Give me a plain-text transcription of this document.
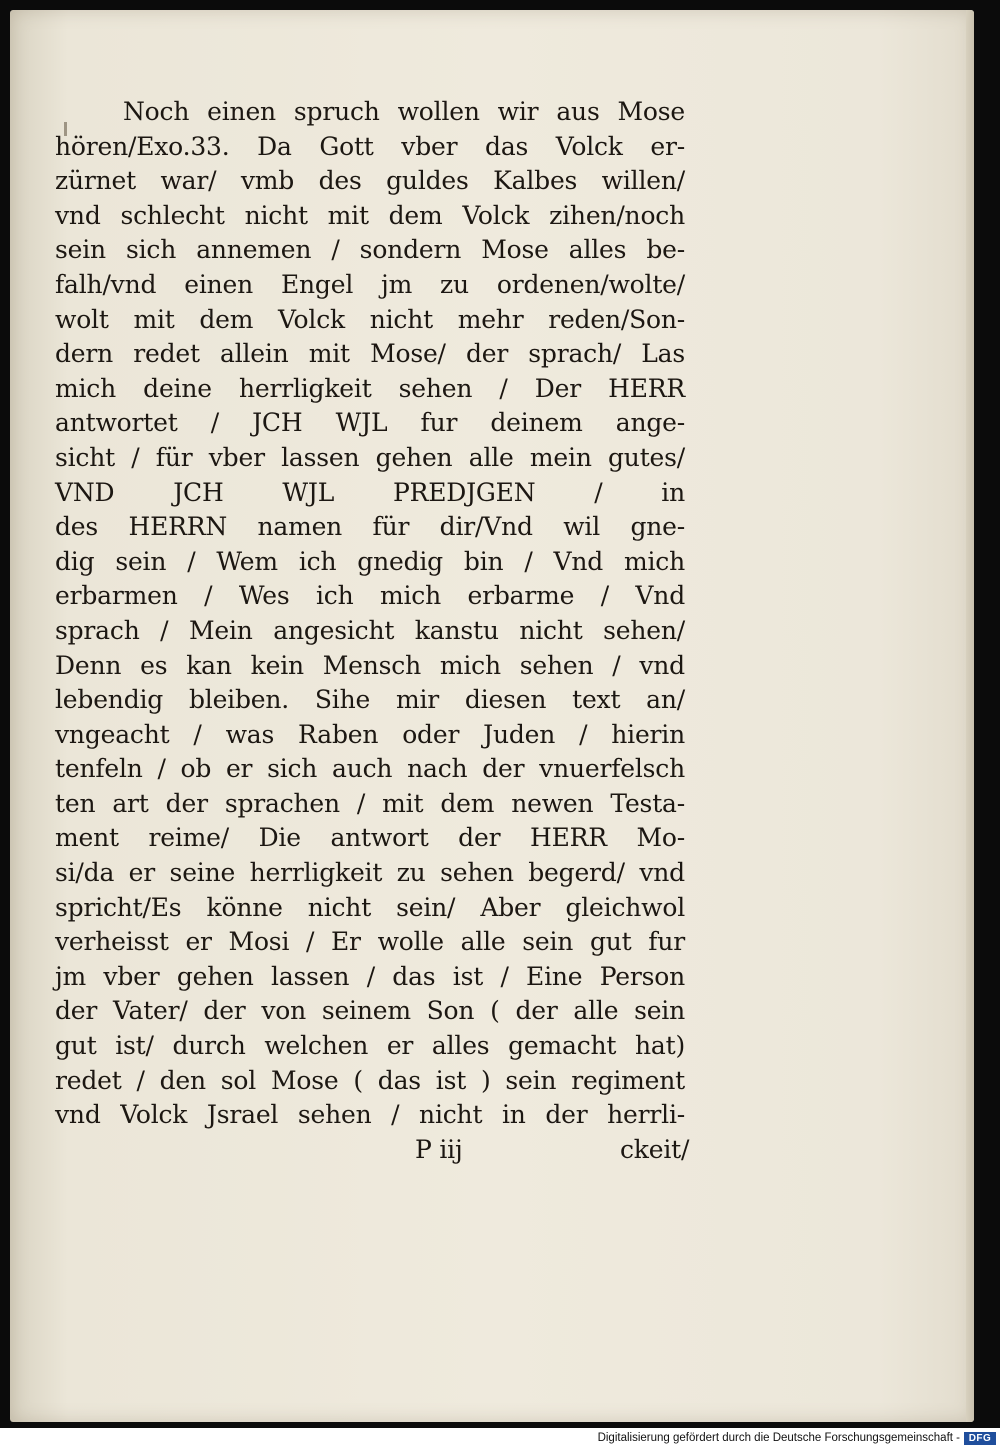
Noch einen spruch wollen wir aus Mose
hören/Exo.33. Da Gott vber das Volck er-
zürnet war/ vmb des guldes Kalbes willen/
vnd schlecht nicht mit dem Volck zihen/noch
sein sich annemen / sondern Mose alles be-
falh/vnd einen Engel jm zu ordenen/wolte/
wolt mit dem Volck nicht mehr reden/Son-
dern redet allein mit Mose/ der sprach/ Las
mich deine herrligkeit sehen / Der HERR
antwortet / JCH WJL fur deinem ange-
sicht / für vber lassen gehen alle mein gutes/
VND JCH WJL PREDJGEN / in
des HERRN namen für dir/Vnd wil gne-
dig sein / Wem ich gnedig bin / Vnd mich
erbarmen / Wes ich mich erbarme / Vnd
sprach / Mein angesicht kanstu nicht sehen/
Denn es kan kein Mensch mich sehen / vnd
lebendig bleiben. Sihe mir diesen text an/
vngeacht / was Raben oder Juden / hierin
tenfeln / ob er sich auch nach der vnuerfelsch
ten art der sprachen / mit dem newen Testa-
ment reime/ Die antwort der HERR Mo-
si/da er seine herrligkeit zu sehen begerd/ vnd
spricht/Es könne nicht sein/ Aber gleichwol
verheisst er Mosi / Er wolle alle sein gut fur
jm vber gehen lassen / das ist / Eine Person
der Vater/ der von seinem Son ( der alle sein
gut ist/ durch welchen er alles gemacht hat)
redet / den sol Mose ( das ist ) sein regiment
vnd Volck Jsrael sehen / nicht in der herrli-
P iij	ckeit/
Digitalisierung gefördert durch die Deutsche Forschungsgemeinschaft - DFG
